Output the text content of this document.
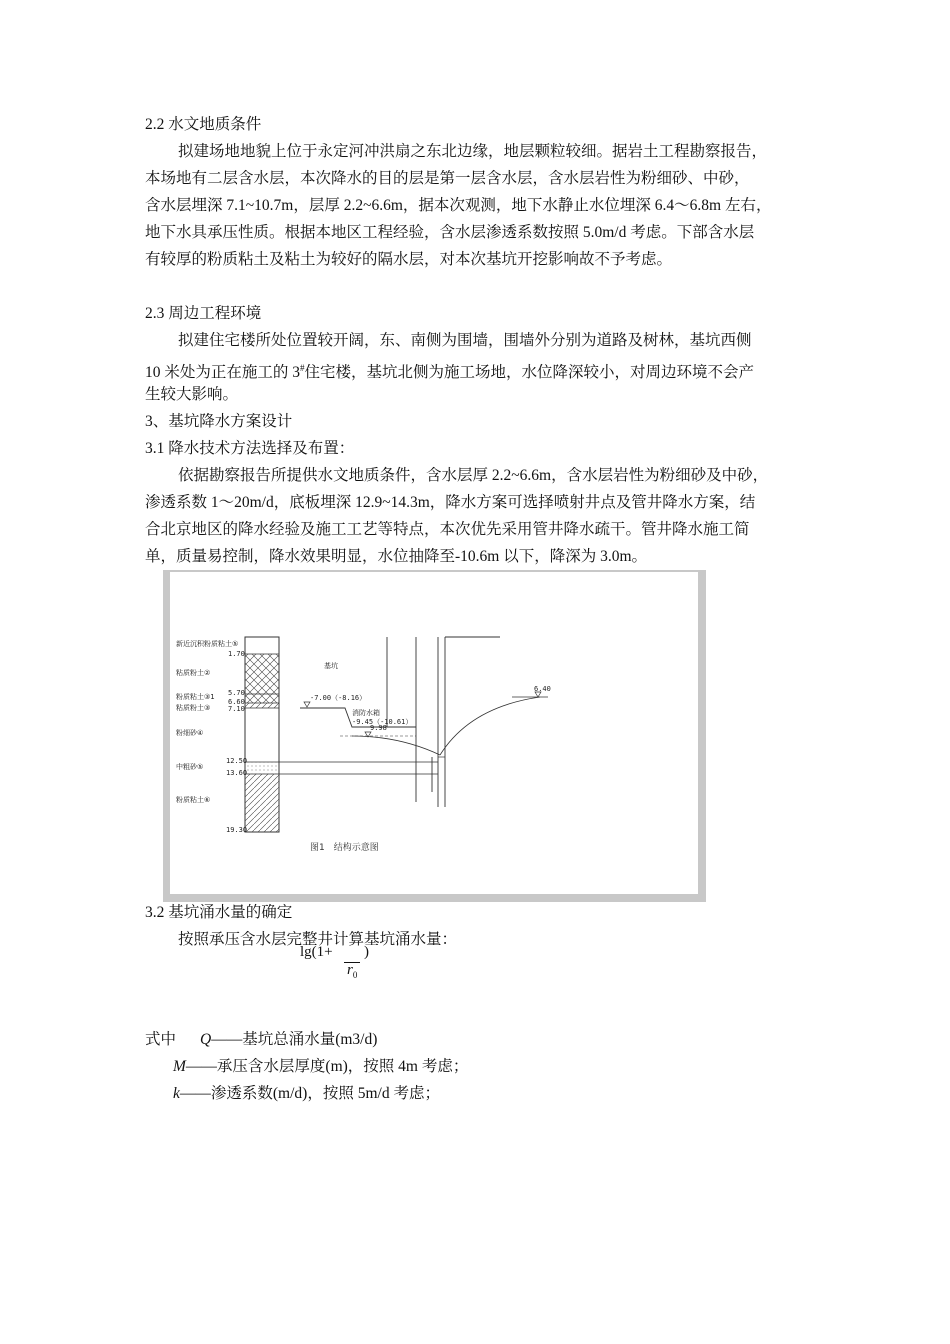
2.2 水文地质条件
拟建场地地貌上位于永定河冲洪扇之东北边缘，地层颗粒较细。据岩土工程勘察报告，
本场地有二层含水层，本次降水的目的层是第一层含水层，含水层岩性为粉细砂、中砂，
含水层埋深 7.1~10.7m，层厚 2.2~6.6m，据本次观测，地下水静止水位埋深 6.4～6.8m 左右，
地下水具承压性质。根据本地区工程经验，含水层渗透系数按照 5.0m/d 考虑。下部含水层
有较厚的粉质粘土及粘土为较好的隔水层，对本次基坑开挖影响故不予考虑。
2.3 周边工程环境
拟建住宅楼所处位置较开阔，东、南侧为围墙，围墙外分别为道路及树林，基坑西侧
10 米处为正在施工的 3#住宅楼，基坑北侧为施工场地，水位降深较小，对周边环境不会产
生较大影响。
3、基坑降水方案设计
3.1 降水技术方法选择及布置：
依据勘察报告所提供水文地质条件，含水层厚 2.2~6.6m，含水层岩性为粉细砂及中砂，
渗透系数 1～20m/d，底板埋深 12.9~14.3m，降水方案可选择喷射井点及管井降水方案，结
合北京地区的降水经验及施工工艺等特点，本次优先采用管井降水疏干。管井降水施工简
单，质量易控制，降水效果明显，水位抽降至-10.6m 以下，降深为 3.0m。
新近沉积粉质粘土⑤
粘质粉土②
粉质粘土③1
粘质粉土③
粉细砂④
中粗砂⑤
粉质粘土⑥
1.70
5.70
6.60
7.10
12.50
13.60
19.30
基坑
-7.00（-8.16）
消防水箱
-9.45（-10.61）
9.98
6.40
图1　结构示意图
3.2 基坑涌水量的确定
按照承压含水层完整井计算基坑涌水量：
lg(1+
$r_0$
)
式中 Q——基坑总涌水量(m3/d)
M——承压含水层厚度(m)，按照 4m 考虑；
k——渗透系数(m/d)，按照 5m/d 考虑；
